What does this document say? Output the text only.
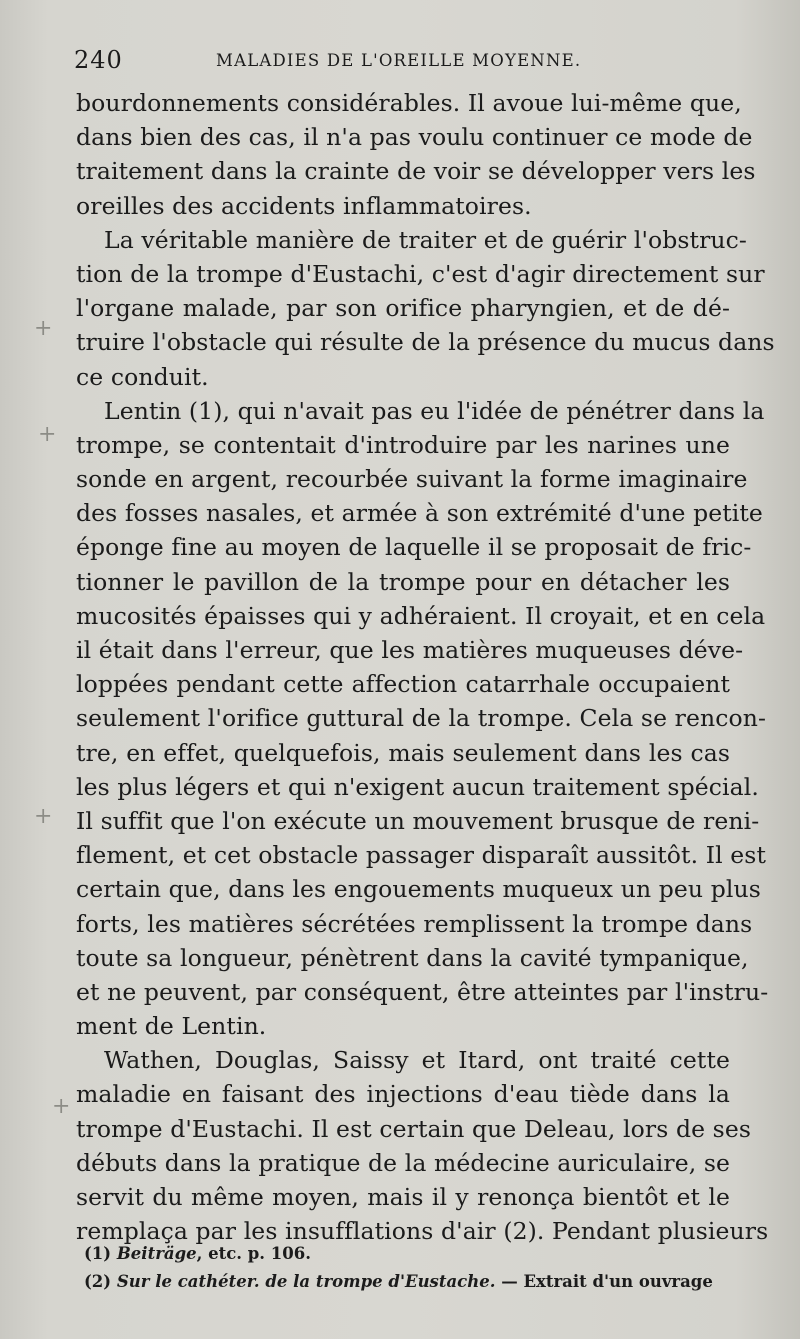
240	MALADIES DE L'OREILLE MOYENNE.
bourdonnements considérables. Il avoue lui-même que,
dans bien des cas, il n'a pas voulu continuer ce mode de
traitement dans la crainte de voir se développer vers les
oreilles des accidents inflammatoires.
La véritable manière de traiter et de guérir l'obstruc-
tion de la trompe d'Eustachi, c'est d'agir directement sur
l'organe malade, par son orifice pharyngien, et de dé-
truire l'obstacle qui résulte de la présence du mucus dans
ce conduit.
Lentin (1), qui n'avait pas eu l'idée de pénétrer dans la
trompe, se contentait d'introduire par les narines une
sonde en argent, recourbée suivant la forme imaginaire
des fosses nasales, et armée à son extrémité d'une petite
éponge fine au moyen de laquelle il se proposait de fric-
tionner le pavillon de la trompe pour en détacher les
mucosités épaisses qui y adhéraient. Il croyait, et en cela
il était dans l'erreur, que les matières muqueuses déve-
loppées pendant cette affection catarrhale occupaient
seulement l'orifice guttural de la trompe. Cela se rencon-
tre, en effet, quelquefois, mais seulement dans les cas
les plus légers et qui n'exigent aucun traitement spécial.
Il suffit que l'on exécute un mouvement brusque de reni-
flement, et cet obstacle passager disparaît aussitôt. Il est
certain que, dans les engouements muqueux un peu plus
forts, les matières sécrétées remplissent la trompe dans
toute sa longueur, pénètrent dans la cavité tympanique,
et ne peuvent, par conséquent, être atteintes par l'instru-
ment de Lentin.
Wathen, Douglas, Saissy et Itard, ont traité cette
maladie en faisant des injections d'eau tiède dans la
trompe d'Eustachi. Il est certain que Deleau, lors de ses
débuts dans la pratique de la médecine auriculaire, se
servit du même moyen, mais il y renonça bientôt et le
remplaça par les insufflations d'air (2). Pendant plusieurs
(1) Beiträge, etc. p. 106.
(2) Sur le cathéter. de la trompe d'Eustache. — Extrait d'un ouvrage
+
+
+
+
